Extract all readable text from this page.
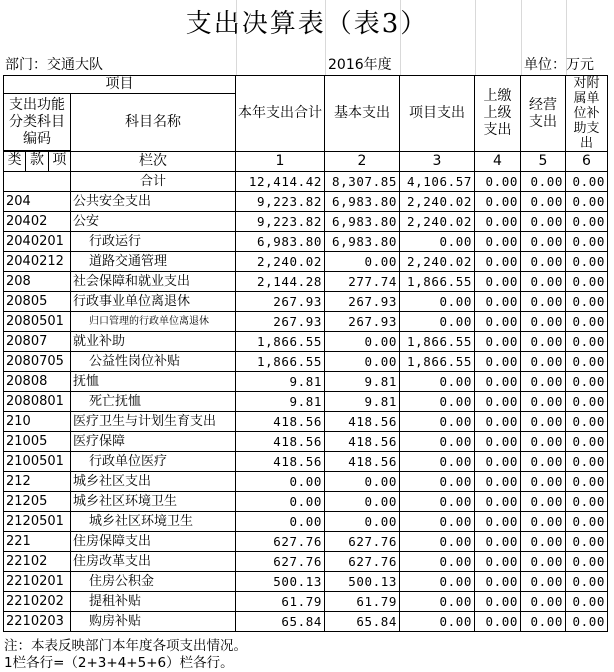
支出决算表（表3）
部门：交通大队	2016年度	单位：万元
项目		本年支出合计	基本支出	项目支出	上缴上级支出	经营支出	对附属单位补助支出
支出功能分类科目编码	科目名称						

类 款 项	栏次	1	2	3	4	5	6
	合计	12,414.42	8,307.85	4,106.57	0.00	0.00	0.00
204	公共安全支出	9,223.82	6,983.80	2,240.02	0.00	0.00	0.00
20402	公安	9,223.82	6,983.80	2,240.02	0.00	0.00	0.00
2040201	行政运行	6,983.80	6,983.80	0.00	0.00	0.00	0.00
2040212	道路交通管理	2,240.02	0.00	2,240.02	0.00	0.00	0.00
208	社会保障和就业支出	2,144.28	277.74	1,866.55	0.00	0.00	0.00
20805	行政事业单位离退休	267.93	267.93	0.00	0.00	0.00	0.00
2080501	归口管理的行政单位离退休	267.93	267.93	0.00	0.00	0.00	0.00
20807	就业补助	1,866.55	0.00	1,866.55	0.00	0.00	0.00
2080705	公益性岗位补贴	1,866.55	0.00	1,866.55	0.00	0.00	0.00
20808	抚恤	9.81	9.81	0.00	0.00	0.00	0.00
2080801	死亡抚恤	9.81	9.81	0.00	0.00	0.00	0.00
210	医疗卫生与计划生育支出	418.56	418.56	0.00	0.00	0.00	0.00
21005	医疗保障	418.56	418.56	0.00	0.00	0.00	0.00
2100501	行政单位医疗	418.56	418.56	0.00	0.00	0.00	0.00
212	城乡社区支出	0.00	0.00	0.00	0.00	0.00	0.00
21205	城乡社区环境卫生	0.00	0.00	0.00	0.00	0.00	0.00
2120501	城乡社区环境卫生	0.00	0.00	0.00	0.00	0.00	0.00
221	住房保障支出	627.76	627.76	0.00	0.00	0.00	0.00
22102	住房改革支出	627.76	627.76	0.00	0.00	0.00	0.00
2210201	住房公积金	500.13	500.13	0.00	0.00	0.00	0.00
2210202	提租补贴	61.79	61.79	0.00	0.00	0.00	0.00
2210203	购房补贴	65.84	65.84	0.00	0.00	0.00	0.00
注：本表反映部门本年度各项支出情况。
1栏各行=（2+3+4+5+6）栏各行。
